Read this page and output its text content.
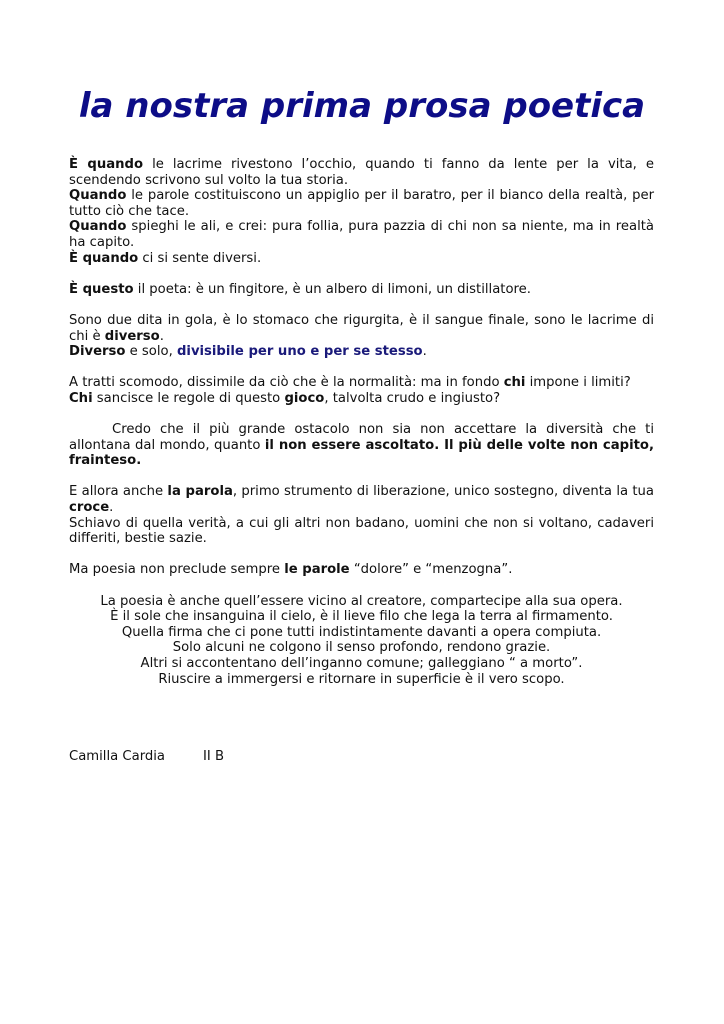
la nostra prima prosa poetica

È quando le lacrime rivestono l’occhio, quando ti fanno da lente per la vita, e scendendo scrivono sul volto la tua storia.

Quando le parole costituiscono un appiglio per il baratro, per il bianco della realtà, per tutto ciò che tace.

Quando spieghi le ali, e crei: pura follia, pura pazzia di chi non sa niente, ma in realtà ha capito.

È quando ci si sente diversi.

È questo il poeta: è un fingitore, è un albero di limoni, un distillatore.

Sono due dita in gola, è lo stomaco che rigurgita, è il sangue finale, sono le lacrime di chi è diverso.

Diverso e solo, divisibile per uno e per se stesso.

A tratti scomodo, dissimile da ciò che è la normalità: ma in fondo chi impone i limiti?

Chi sancisce le regole di questo gioco, talvolta crudo e ingiusto?

Credo che il più grande ostacolo non sia non accettare la diversità che ti allontana dal mondo, quanto il non essere ascoltato. Il più delle volte non capito, frainteso.

E allora anche la parola, primo strumento di liberazione, unico sostegno, diventa la tua croce.

Schiavo di quella verità, a cui gli altri non badano, uomini che non si voltano, cadaveri differiti, bestie sazie.

Ma poesia non preclude sempre le parole “dolore” e “menzogna”.

La poesia è anche quell’essere vicino al creatore, compartecipe alla sua opera.

È il sole che insanguina il cielo, è il lieve filo che lega la terra al firmamento.

Quella firma che ci pone tutti indistintamente davanti a opera compiuta.

Solo alcuni ne colgono il senso profondo, rendono grazie.

Altri si accontentano dell’inganno comune; galleggiano “ a morto”.

Riuscire a immergersi e ritornare in superficie è il vero scopo.

Camilla Cardia	II B
